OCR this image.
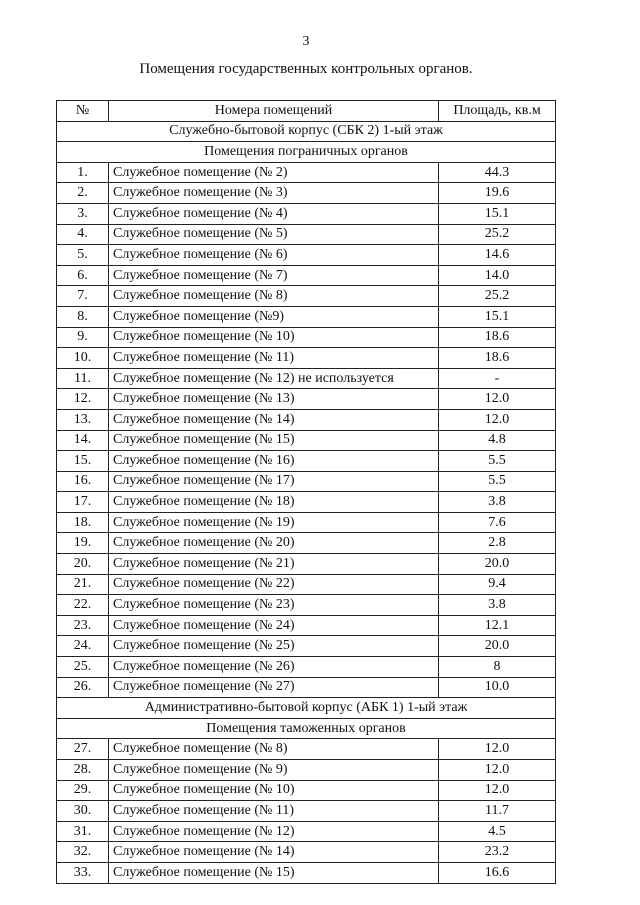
3
Помещения государственных контрольных органов.
№	Номера помещений	Площадь, кв.м
Служебно-бытовой корпус (СБК 2) 1-ый этаж		
Помещения пограничных органов		
1.	Служебное помещение (№ 2)	44.3
2.	Служебное помещение (№ 3)	19.6
3.	Служебное помещение (№ 4)	15.1
4.	Служебное помещение (№ 5)	25.2
5.	Служебное помещение (№ 6)	14.6
6.	Служебное помещение (№ 7)	14.0
7.	Служебное помещение (№ 8)	25.2
8.	Служебное помещение (№9)	15.1
9.	Служебное помещение (№ 10)	18.6
10.	Служебное помещение (№ 11)	18.6
11.	Служебное помещение (№ 12) не используется	-
12.	Служебное помещение (№ 13)	12.0
13.	Служебное помещение (№ 14)	12.0
14.	Служебное помещение (№ 15)	4.8
15.	Служебное помещение (№ 16)	5.5
16.	Служебное помещение (№ 17)	5.5
17.	Служебное помещение (№ 18)	3.8
18.	Служебное помещение (№ 19)	7.6
19.	Служебное помещение (№ 20)	2.8
20.	Служебное помещение (№ 21)	20.0
21.	Служебное помещение (№ 22)	9.4
22.	Служебное помещение (№ 23)	3.8
23.	Служебное помещение (№ 24)	12.1
24.	Служебное помещение (№ 25)	20.0
25.	Служебное помещение (№ 26)	8
26.	Служебное помещение (№ 27)	10.0
Административно-бытовой корпус (АБК 1) 1-ый этаж		
Помещения таможенных органов		
27.	Служебное помещение (№ 8)	12.0
28.	Служебное помещение (№ 9)	12.0
29.	Служебное помещение (№ 10)	12.0
30.	Служебное помещение (№ 11)	11.7
31.	Служебное помещение (№ 12)	4.5
32.	Служебное помещение (№ 14)	23.2
33.	Служебное помещение (№ 15)	16.6
